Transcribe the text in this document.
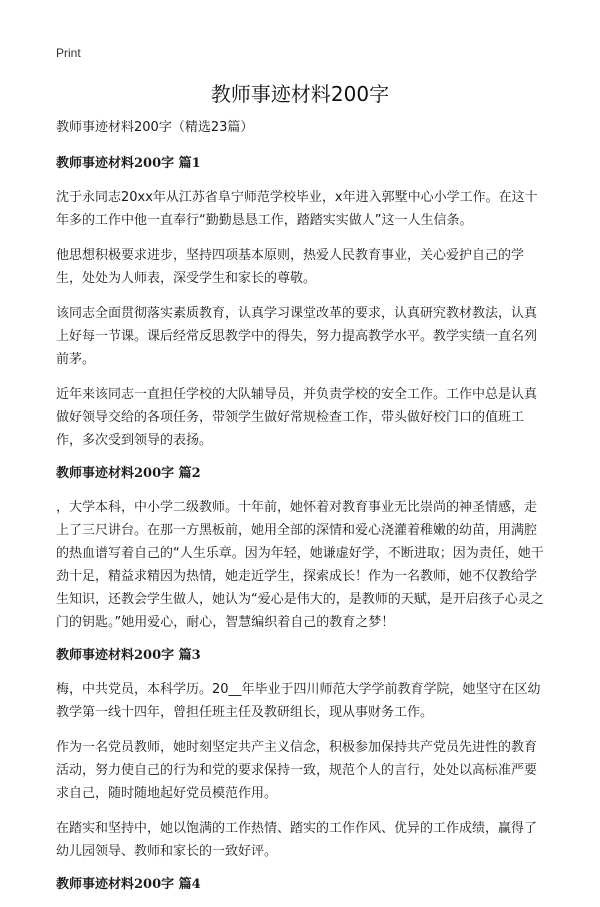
Print
教师事迹材料200字

教师事迹材料200字（精选23篇）

教师事迹材料200字 篇1

沈于永同志20xx年从江苏省阜宁师范学校毕业，x年进入郭墅中心小学工作。在这十年多的工作中他一直奉行“勤勤恳恳工作，踏踏实实做人”这一人生信条。

他思想积极要求进步，坚持四项基本原则，热爱人民教育事业，关心爱护自己的学生，处处为人师表，深受学生和家长的尊敬。

该同志全面贯彻落实素质教育，认真学习课堂改革的要求，认真研究教材教法，认真上好每一节课。课后经常反思教学中的得失，努力提高教学水平。教学实绩一直名列前茅。

近年来该同志一直担任学校的大队辅导员，并负责学校的安全工作。工作中总是认真做好领导交给的各项任务，带领学生做好常规检查工作，带头做好校门口的值班工作，多次受到领导的表扬。

教师事迹材料200字 篇2

，大学本科，中小学二级教师。十年前，她怀着对教育事业无比崇尚的神圣情感，走上了三尺讲台。在那一方黑板前，她用全部的深情和爱心浇灌着稚嫩的幼苗，用满腔的热血谱写着自己的“人生乐章。因为年轻，她谦虚好学，不断进取；因为责任，她干劲十足，精益求精因为热情，她走近学生，探索成长！作为一名教师，她不仅教给学生知识，还教会学生做人，她认为“爱心是伟大的，是教师的天赋，是开启孩子心灵之门的钥匙。”她用爱心，耐心，智慧编织着自己的教育之梦！

教师事迹材料200字 篇3

梅，中共党员，本科学历。20__年毕业于四川师范大学学前教育学院，她坚守在区幼教学第一线十四年，曾担任班主任及教研组长，现从事财务工作。

作为一名党员教师，她时刻坚定共产主义信念，积极参加保持共产党员先进性的教育活动，努力使自己的行为和党的要求保持一致，规范个人的言行，处处以高标准严要求自己，随时随地起好党员模范作用。

在踏实和坚持中，她以饱满的工作热情、踏实的工作作风、优异的工作成绩，赢得了幼儿园领导、教师和家长的一致好评。

教师事迹材料200字 篇4
